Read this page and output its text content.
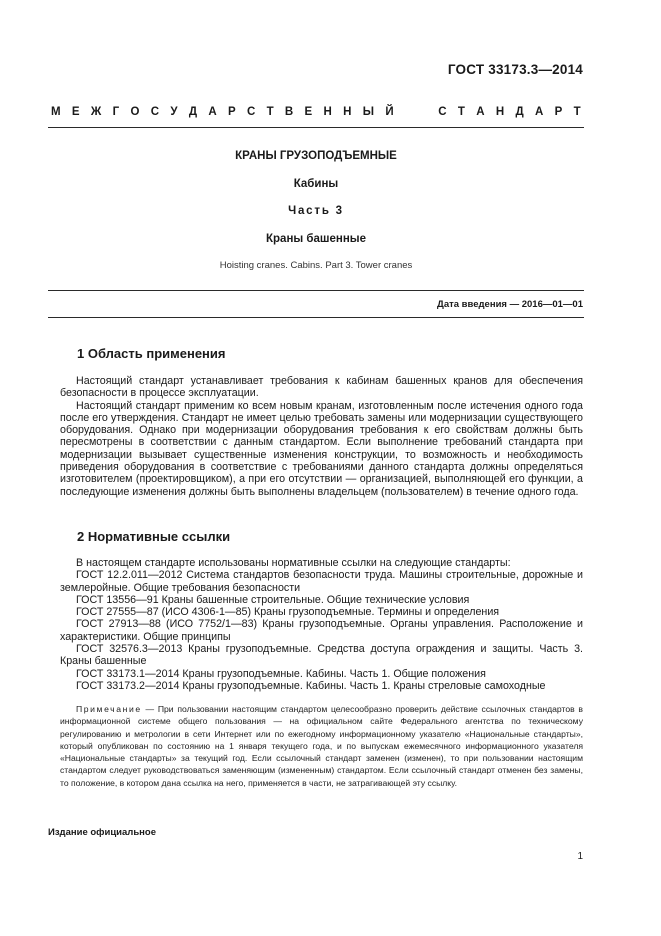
ГОСТ 33173.3—2014
М Е Ж Г О С У Д А Р С Т В Е Н Н Ы Й	С Т А Н Д А Р Т
КРАНЫ ГРУЗОПОДЪЕМНЫЕ
Кабины
Часть 3
Краны башенные
Hoisting cranes. Cabins. Part 3. Tower cranes
Дата введения — 2016—01—01
1 Область применения

Настоящий стандарт устанавливает требования к кабинам башенных кранов для обеспечения безопасности в процессе эксплуатации.

Настоящий стандарт применим ко всем новым кранам, изготовленным после истечения одного года после его утверждения. Стандарт не имеет целью требовать замены или модернизации существующего оборудования. Однако при модернизации оборудования требования к его свойствам должны быть пересмотрены в соответствии с данным стандартом. Если выполнение требований стандарта при модернизации вызывает существенные изменения конструкции, то возможность и необходимость приведения оборудования в соответствие с требованиями данного стандарта должны определяться изготовителем (проектировщиком), а при его отсутствии — организацией, выполняющей его функции, а последующие изменения должны быть выполнены владельцем (пользователем) в течение одного года.

2 Нормативные ссылки

В настоящем стандарте использованы нормативные ссылки на следующие стандарты:

ГОСТ 12.2.011—2012 Система стандартов безопасности труда. Машины строительные, дорожные и землеройные. Общие требования безопасности

ГОСТ 13556—91 Краны башенные строительные. Общие технические условия

ГОСТ 27555—87 (ИСО 4306-1—85) Краны грузоподъемные. Термины и определения

ГОСТ 27913—88 (ИСО 7752/1—83) Краны грузоподъемные. Органы управления. Расположение и характеристики. Общие принципы

ГОСТ 32576.3—2013 Краны грузоподъемные. Средства доступа ограждения и защиты. Часть 3. Краны башенные

ГОСТ 33173.1—2014 Краны грузоподъемные. Кабины. Часть 1. Общие положения

ГОСТ 33173.2—2014 Краны грузоподъемные. Кабины. Часть 1. Краны стреловые самоходные

Примечание — При пользовании настоящим стандартом целесообразно проверить действие ссылочных стандартов в информационной системе общего пользования — на официальном сайте Федерального агентства по техническому регулированию и метрологии в сети Интернет или по ежегодному информационному указателю «Национальные стандарты», который опубликован по состоянию на 1 января текущего года, и по выпускам ежемесячного информационного указателя «Национальные стандарты» за текущий год. Если ссылочный стандарт заменен (изменен), то при пользовании настоящим стандартом следует руководствоваться заменяющим (измененным) стандартом. Если ссылочный стандарт отменен без замены, то положение, в котором дана ссылка на него, применяется в части, не затрагивающей эту ссылку.

Издание официальное
1
